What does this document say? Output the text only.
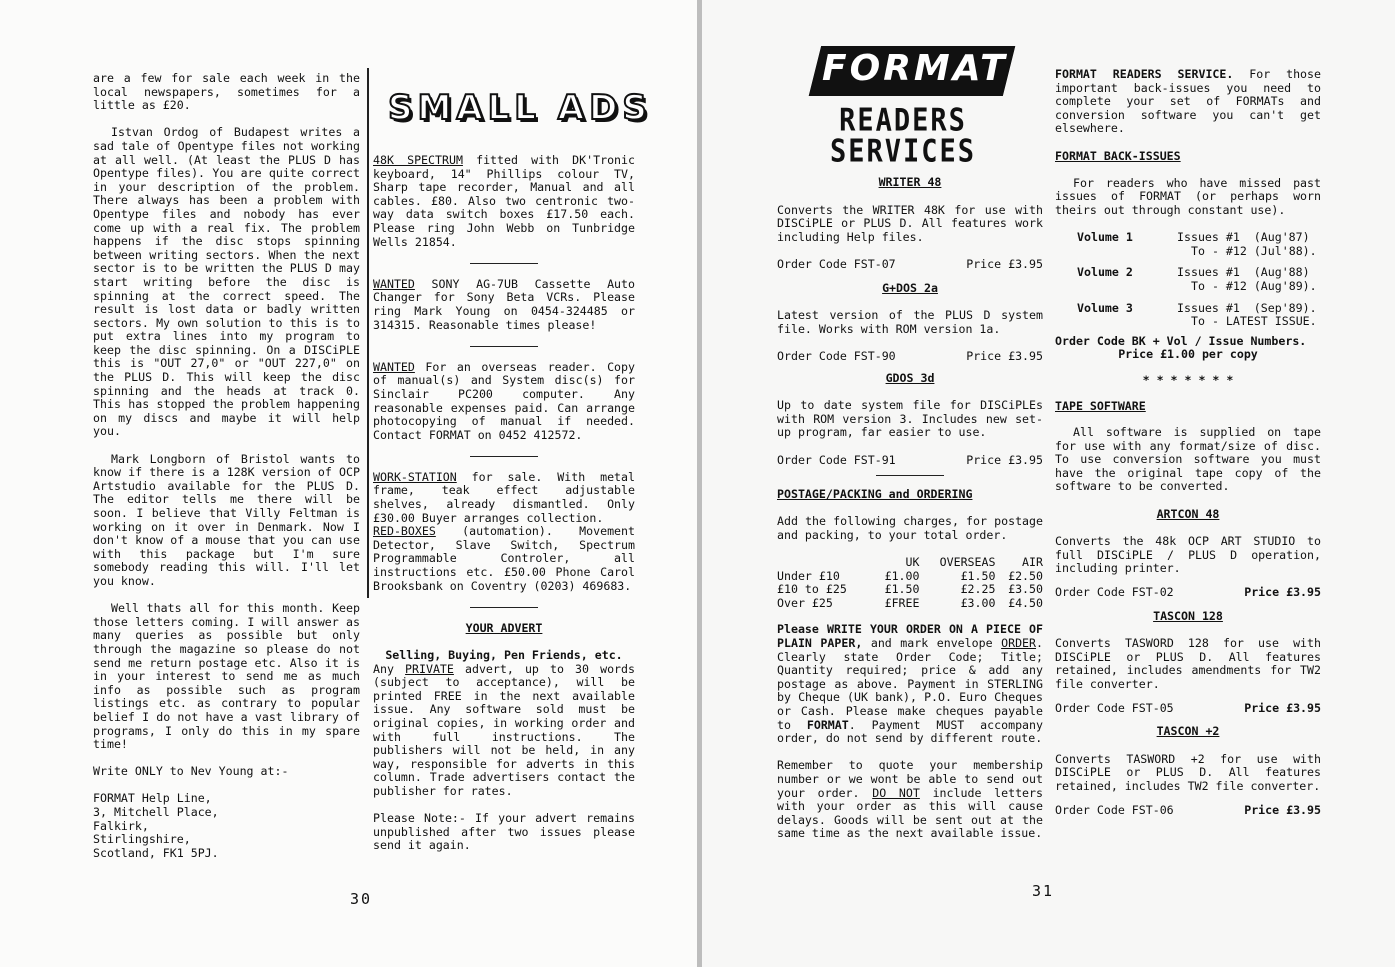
are a few for sale each week in the local newspapers, sometimes for a little as £20.

Istvan Ordog of Budapest writes a sad tale of Opentype files not working at all well. (At least the PLUS D has Opentype files). You are quite correct in your description of the problem. There always has been a problem with Opentype files and nobody has ever come up with a real fix. The problem happens if the disc stops spinning between writing sectors. When the next sector is to be written the PLUS D may start writing before the disc is spinning at the correct speed. The result is lost data or badly written sectors. My own solution to this is to put extra lines into my program to keep the disc spinning. On a DISCiPLE this is "OUT 27,0" or "OUT 227,0" on the PLUS D. This will keep the disc spinning and the heads at track 0. This has stopped the problem happening on my discs and maybe it will help you.

Mark Longborn of Bristol wants to know if there is a 128K version of OCP Artstudio available for the PLUS D. The editor tells me there will be soon. I believe that Villy Feltman is working on it over in Denmark. Now I don't know of a mouse that you can use with this package but I'm sure somebody reading this will. I'll let you know.

Well thats all for this month. Keep those letters coming. I will answer as many queries as possible but only through the magazine so please do not send me return postage etc. Also it is in your interest to send me as much info as possible such as program listings etc. as contrary to popular belief I do not have a vast library of programs, I only do this in my spare time!

Write ONLY to Nev Young at:-

FORMAT Help Line,
3, Mitchell Place,
Falkirk,
Stirlingshire,
Scotland, FK1 5PJ.

SMALL ADS

48K SPECTRUM fitted with DK'Tronic keyboard, 14" Phillips colour TV, Sharp tape recorder, Manual and all cables. £80. Also two centronic two-way data switch boxes £17.50 each. Please ring John Webb on Tunbridge Wells 21854.

WANTED SONY AG-7UB Cassette Auto Changer for Sony Beta VCRs. Please ring Mark Young on 0454-324485 or 314315. Reasonable times please!

WANTED For an overseas reader. Copy of manual(s) and System disc(s) for Sinclair PC200 computer. Any reasonable expenses paid. Can arrange photocopying of manual if needed. Contact FORMAT on 0452 412572.

WORK-STATION for sale. With metal frame, teak effect adjustable shelves, already dismantled. Only £30.00 Buyer arranges collection.

RED-BOXES (automation). Movement Detector, Slave Switch, Spectrum Programmable Controler, all instructions etc. £50.00 Phone Carol Brooksbank on Coventry (0203) 469683.

YOUR ADVERT

Selling, Buying, Pen Friends, etc.

Any PRIVATE advert, up to 30 words (subject to acceptance), will be printed FREE in the next available issue. Any software sold must be original copies, in working order and with full instructions. The publishers will not be held, in any way, responsible for adverts in this column. Trade advertisers contact the publisher for rates.

Please Note:- If your advert remains unpublished after two issues please send it again.

30
FORMAT
READERS
SERVICES

WRITER 48

Converts the WRITER 48K for use with DISCiPLE or PLUS D. All features work including Help files.

Order Code FST-07	Price £3.95

G+DOS 2a

Latest version of the PLUS D system file. Works with ROM version 1a.

Order Code FST-90	Price £3.95

GDOS 3d

Up to date system file for DISCiPLEs with ROM version 3. Includes new set-up program, far easier to use.

Order Code FST-91	Price £3.95

POSTAGE/PACKING and ORDERING

Add the following charges, for postage and packing, to your total order.

	UK	OVERSEAS	AIR
Under £10	£1.00	£1.50	£2.50
£10 to £25	£1.50	£2.25	£3.50
Over £25	£FREE	£3.00	£4.50

Please WRITE YOUR ORDER ON A PIECE OF PLAIN PAPER, and mark envelope ORDER. Clearly state Order Code; Title; Quantity required; price & add any postage as above. Payment in STERLING by Cheque (UK bank), P.O. Euro Cheques or Cash. Please make cheques payable to FORMAT. Payment MUST accompany order, do not send by different route.

Remember to quote your membership number or we wont be able to send out your order. DO NOT include letters with your order as this will cause delays. Goods will be sent out at the same time as the next available issue.

FORMAT READERS SERVICE. For those important back-issues you need to complete your set of FORMATs and conversion software you can't get elsewhere.

FORMAT BACK-ISSUES

For readers who have missed past issues of FORMAT (or perhaps worn theirs out through constant use).

Volume 1	Issues #1  (Aug'87)
To - #12 (Jul'88).
Volume 2	Issues #1  (Aug'88)
To - #12 (Aug'89).
Volume 3	Issues #1  (Sep'89).
To - LATEST ISSUE.
Order Code BK + Vol / Issue Numbers.
Price £1.00 per copy
* * * * * * *

TAPE SOFTWARE

All software is supplied on tape for use with any format/size of disc. To use conversion software you must have the original tape copy of the software to be converted.

ARTCON 48

Converts the 48k OCP ART STUDIO to full DISCiPLE / PLUS D operation, including printer.

Order Code FST-02	Price £3.95

TASCON 128

Converts TASWORD 128 for use with DISCiPLE or PLUS D. All features retained, includes amendments for TW2 file converter.

Order Code FST-05	Price £3.95

TASCON +2

Converts TASWORD +2 for use with DISCiPLE or PLUS D. All features retained, includes TW2 file converter.

Order Code FST-06	Price £3.95
31
